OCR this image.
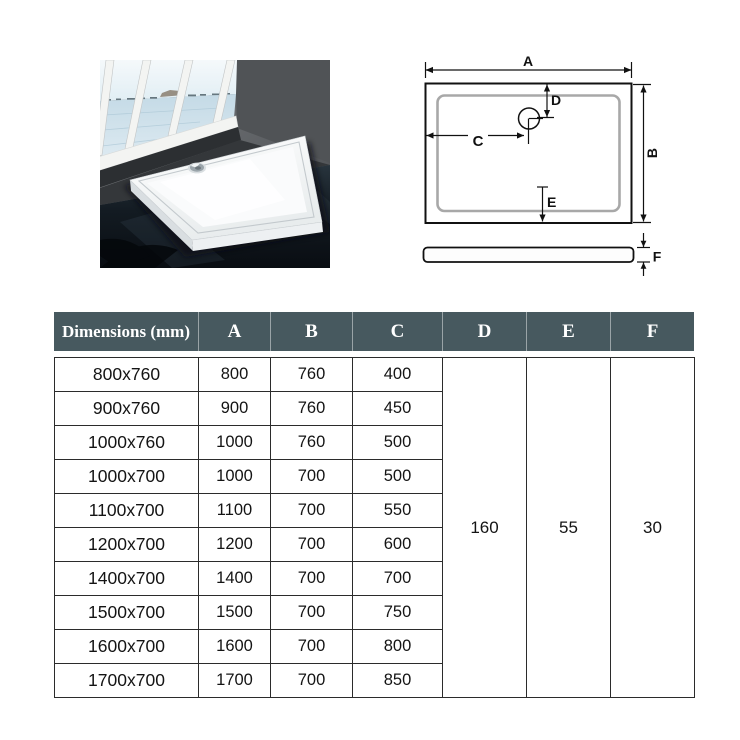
A
B
C
D
E
F
Dimensions (mm)	A	B	C	D	E	F
800x760	800	760	400	160	55	30
900x760	900	760	450			
1000x760	1000	760	500			
1000x700	1000	700	500			
1100x700	1100	700	550			
1200x700	1200	700	600			
1400x700	1400	700	700			
1500x700	1500	700	750			
1600x700	1600	700	800			
1700x700	1700	700	850			
